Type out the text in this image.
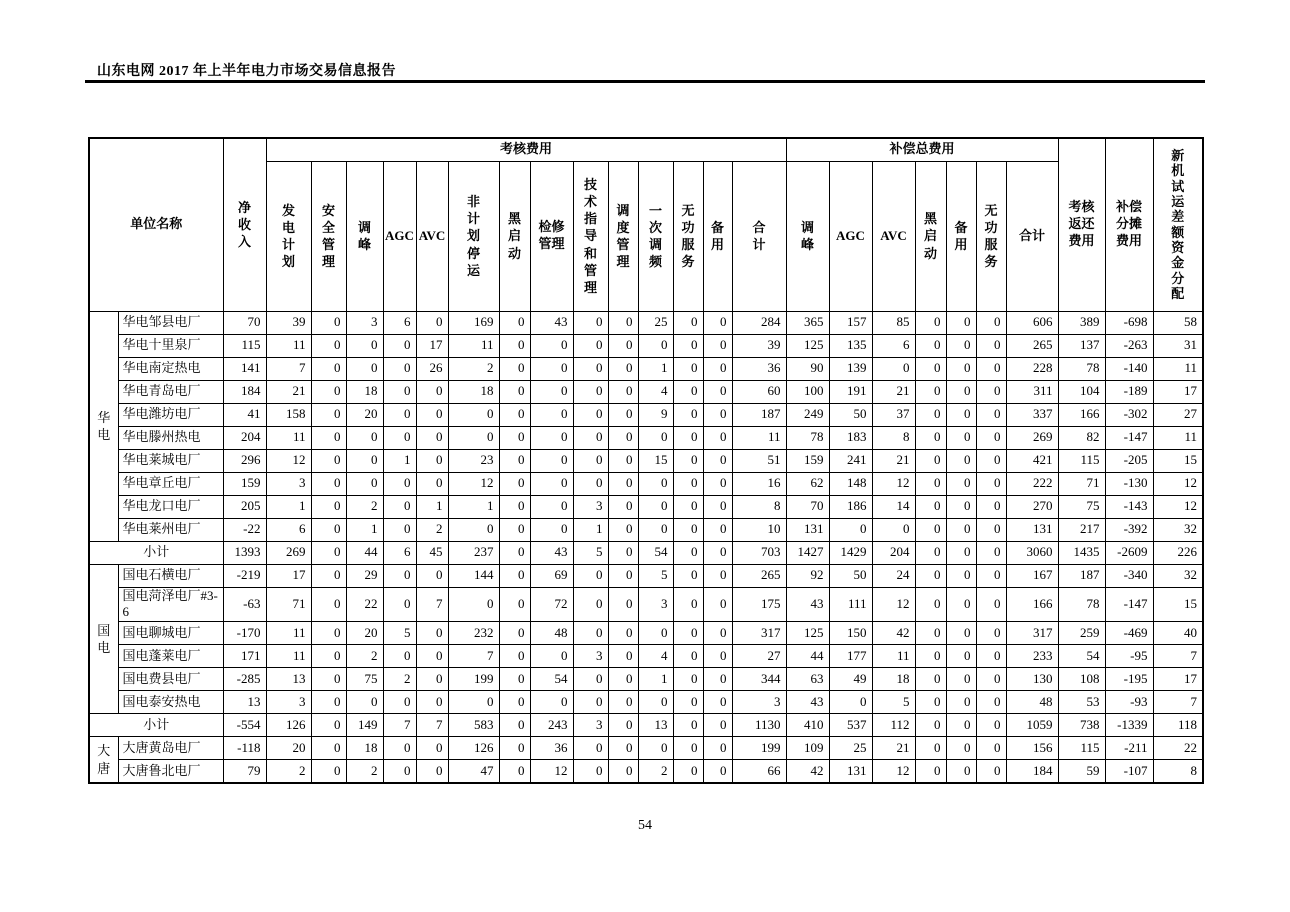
山东电网 2017 年上半年电力市场交易信息报告
单位名称		净收入	考核费用														补偿总费用							考核返还费用	补偿分摊费用	新机试运差额资金分配
			发电计划	安全管理	调峰	AGC	AVC	非计划停运	黑启动	检修管理	技术指导和管理	调度管理	一次调频	无功服务	备用	合计	调峰	AGC	AVC	黑启动	备用	无功服务	合计			
华电	华电邹县电厂	70	39	0	3	6	0	169	0	43	0	0	25	0	0	284	365	157	85	0	0	0	606	389	-698	58
	华电十里泉厂	115	11	0	0	0	17	11	0	0	0	0	0	0	0	39	125	135	6	0	0	0	265	137	-263	31
	华电南定热电	141	7	0	0	0	26	2	0	0	0	0	1	0	0	36	90	139	0	0	0	0	228	78	-140	11
	华电青岛电厂	184	21	0	18	0	0	18	0	0	0	0	4	0	0	60	100	191	21	0	0	0	311	104	-189	17
	华电潍坊电厂	41	158	0	20	0	0	0	0	0	0	0	9	0	0	187	249	50	37	0	0	0	337	166	-302	27
	华电滕州热电	204	11	0	0	0	0	0	0	0	0	0	0	0	0	11	78	183	8	0	0	0	269	82	-147	11
	华电莱城电厂	296	12	0	0	1	0	23	0	0	0	0	15	0	0	51	159	241	21	0	0	0	421	115	-205	15
	华电章丘电厂	159	3	0	0	0	0	12	0	0	0	0	0	0	0	16	62	148	12	0	0	0	222	71	-130	12
	华电龙口电厂	205	1	0	2	0	1	1	0	0	3	0	0	0	0	8	70	186	14	0	0	0	270	75	-143	12
	华电莱州电厂	-22	6	0	1	0	2	0	0	0	1	0	0	0	0	10	131	0	0	0	0	0	131	217	-392	32
小计		1393	269	0	44	6	45	237	0	43	5	0	54	0	0	703	1427	1429	204	0	0	0	3060	1435	-2609	226
国电	国电石横电厂	-219	17	0	29	0	0	144	0	69	0	0	5	0	0	265	92	50	24	0	0	0	167	187	-340	32
	国电菏泽电厂#3-6	-63	71	0	22	0	7	0	0	72	0	0	3	0	0	175	43	111	12	0	0	0	166	78	-147	15
	国电聊城电厂	-170	11	0	20	5	0	232	0	48	0	0	0	0	0	317	125	150	42	0	0	0	317	259	-469	40
	国电蓬莱电厂	171	11	0	2	0	0	7	0	0	3	0	4	0	0	27	44	177	11	0	0	0	233	54	-95	7
	国电费县电厂	-285	13	0	75	2	0	199	0	54	0	0	1	0	0	344	63	49	18	0	0	0	130	108	-195	17
	国电泰安热电	13	3	0	0	0	0	0	0	0	0	0	0	0	0	3	43	0	5	0	0	0	48	53	-93	7
小计		-554	126	0	149	7	7	583	0	243	3	0	13	0	0	1130	410	537	112	0	0	0	1059	738	-1339	118
大唐	大唐黄岛电厂	-118	20	0	18	0	0	126	0	36	0	0	0	0	0	199	109	25	21	0	0	0	156	115	-211	22
	大唐鲁北电厂	79	2	0	2	0	0	47	0	12	0	0	2	0	0	66	42	131	12	0	0	0	184	59	-107	8
54
